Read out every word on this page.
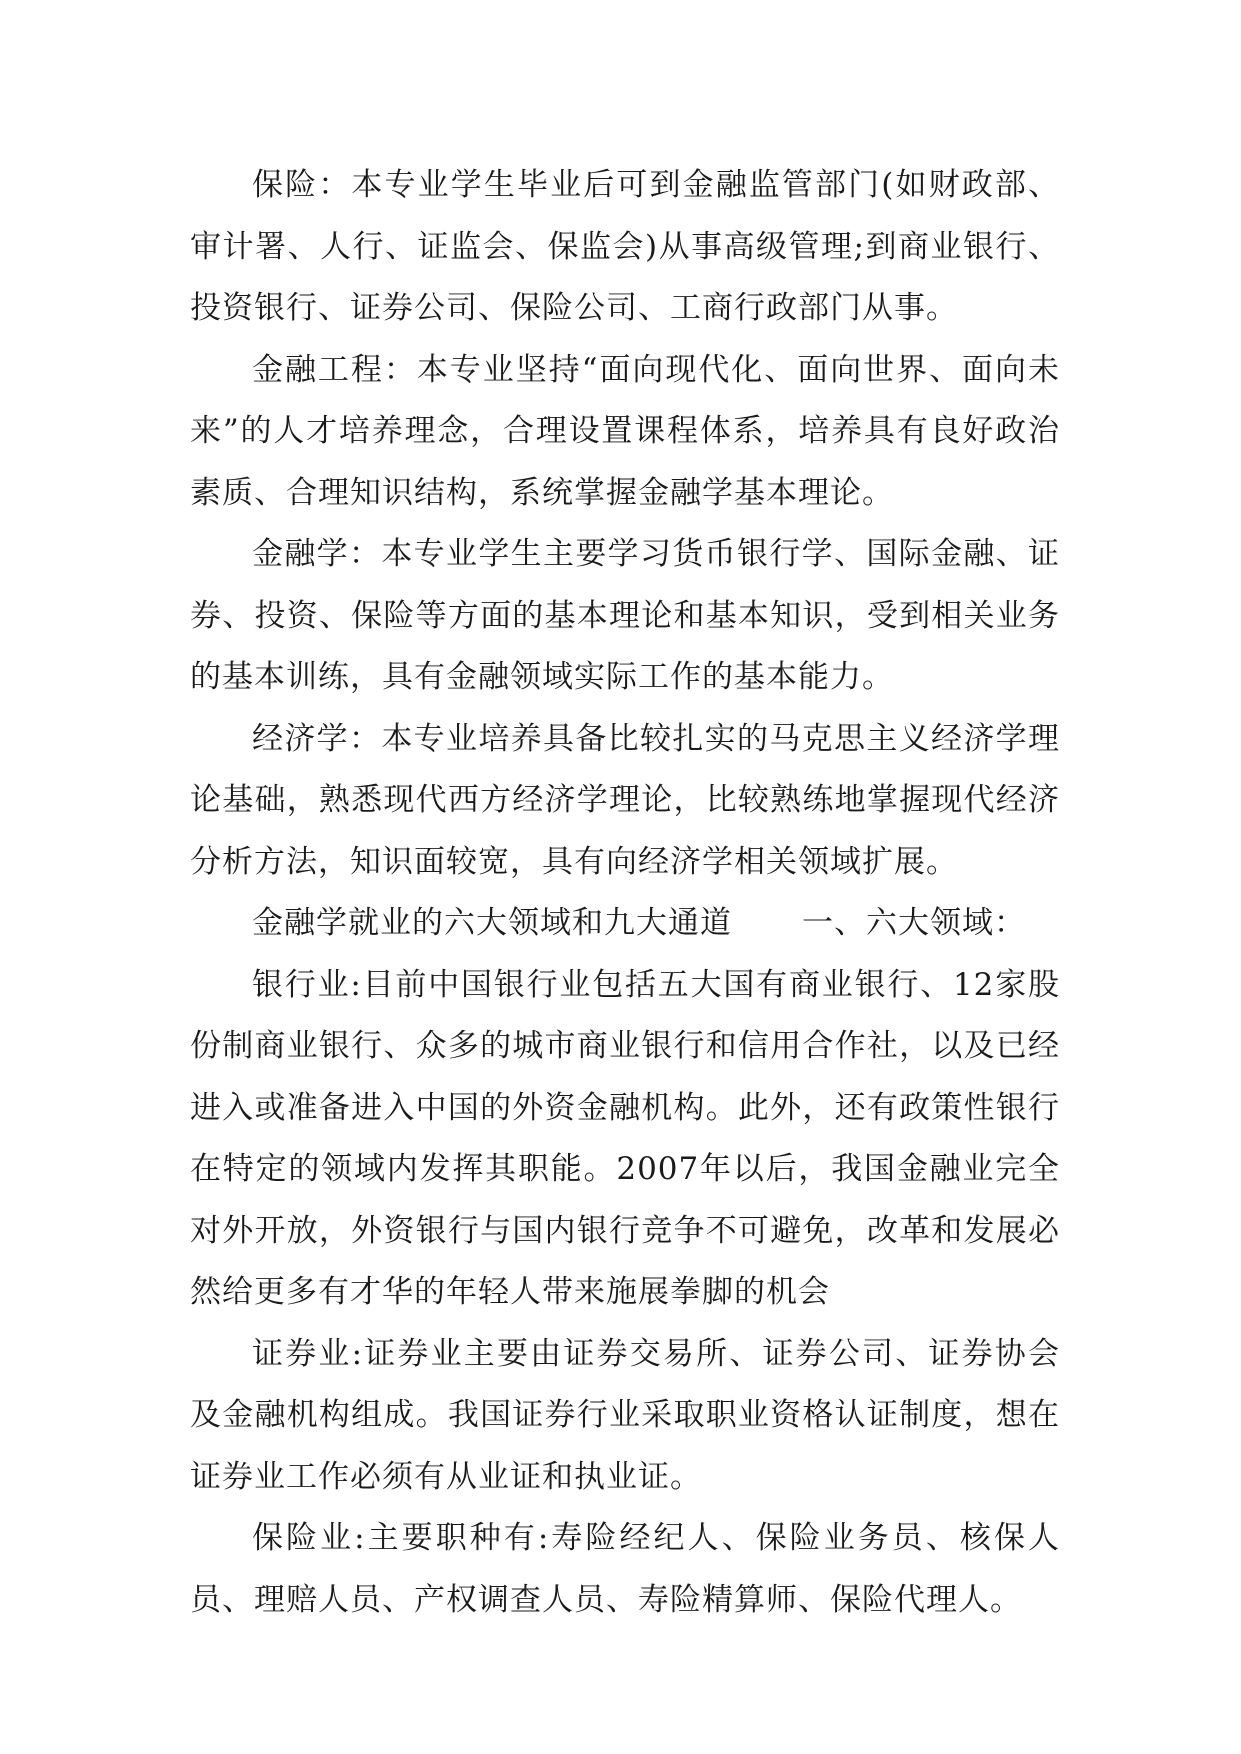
保险：本专业学生毕业后可到金融监管部门(如财政部、审计署、人行、证监会、保监会)从事高级管理;到商业银行、投资银行、证券公司、保险公司、工商行政部门从事。

金融工程：本专业坚持“面向现代化、面向世界、面向未来”的人才培养理念，合理设置课程体系，培养具有良好政治素质、合理知识结构，系统掌握金融学基本理论。

金融学：本专业学生主要学习货币银行学、国际金融、证券、投资、保险等方面的基本理论和基本知识，受到相关业务的基本训练，具有金融领域实际工作的基本能力。

经济学：本专业培养具备比较扎实的马克思主义经济学理论基础，熟悉现代西方经济学理论，比较熟练地掌握现代经济分析方法，知识面较宽，具有向经济学相关领域扩展。

金融学就业的六大领域和九大通道 一、六大领域：

银行业:目前中国银行业包括五大国有商业银行、12家股份制商业银行、众多的城市商业银行和信用合作社，以及已经进入或准备进入中国的外资金融机构。此外，还有政策性银行在特定的领域内发挥其职能。2007年以后，我国金融业完全对外开放，外资银行与国内银行竞争不可避免，改革和发展必然给更多有才华的年轻人带来施展拳脚的机会

证券业:证券业主要由证券交易所、证券公司、证券协会及金融机构组成。我国证券行业采取职业资格认证制度，想在证券业工作必须有从业证和执业证。

保险业:主要职种有:寿险经纪人、保险业务员、核保人员、理赔人员、产权调查人员、寿险精算师、保险代理人。
